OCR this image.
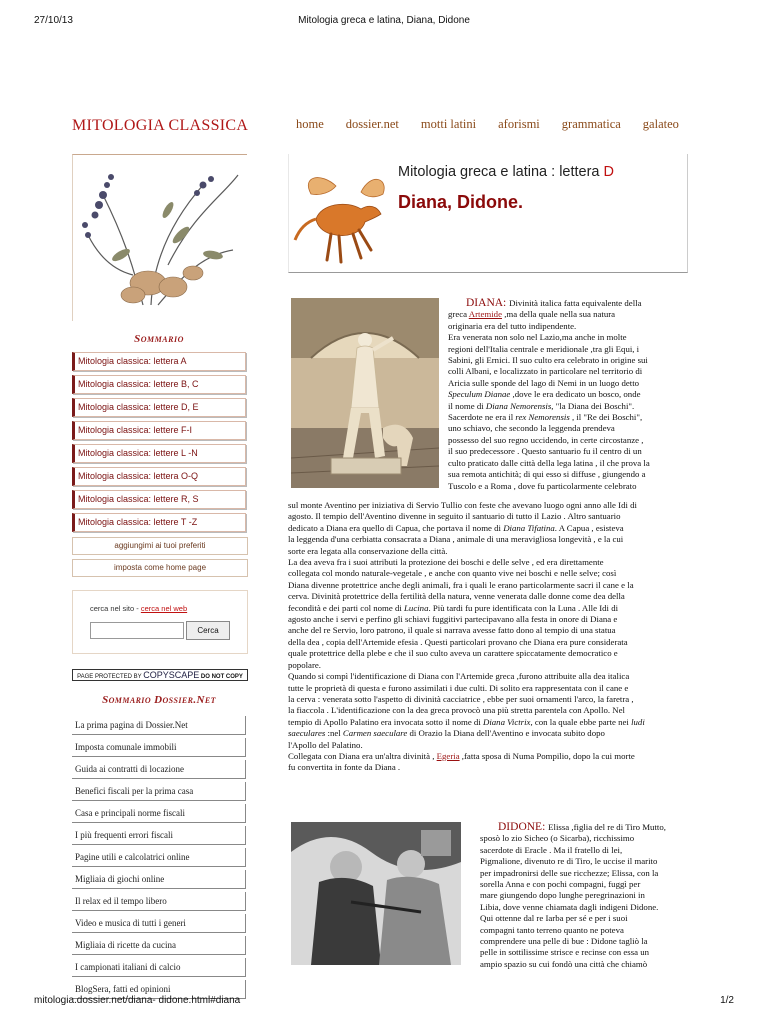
27/10/13	Mitologia greca e latina, Diana, Didone
MITOLOGIA CLASSICA	home dossier.net motti latini aforismi grammatica galateo
Sommario
Mitologia classica: lettera A
Mitologia classica: lettere B, C
Mitologia classica: lettere D, E
Mitologia classica: lettere F-I
Mitologia classica: lettere L -N
Mitologia classica: lettera O-Q
Mitologia classica: lettere R, S
Mitologia classica: lettere T -Z
aggiungimi ai tuoi preferiti
imposta come home page
cerca nel sito - cerca nel web
Cerca
PAGE PROTECTED BY COPYSCAPE DO NOT COPY
Sommario Dossier.Net
La prima pagina di Dossier.Net
Imposta comunale immobili
Guida ai contratti di locazione
Benefici fiscali per la prima casa
Casa e principali norme fiscali
I più frequenti errori fiscali
Pagine utili e calcolatrici online
Migliaia di giochi online
Il relax ed il tempo libero
Video e musica di tutti i generi
Migliaia di ricette da cucina
I campionati italiani di calcio
BlogSera, fatti ed opinioni
Mitologia greca e latina : lettera D
Diana, Didone.
DIANA: Divinità italica fatta equivalente della
greca Artemide ,ma della quale nella sua natura
originaria era del tutto indipendente.
Era venerata non solo nel Lazio,ma anche in molte
regioni dell'Italia centrale e meridionale ,tra gli Equi, i
Sabini, gli Ernici. Il suo culto era celebrato in origine sui
colli Albani, e localizzato in particolare nel territorio di
Aricia sulle sponde del lago di Nemi in un luogo detto
Speculum Dianae ,dove le era dedicato un bosco, onde
il nome di Diana Nemorensis, "la Diana dei Boschi".
Sacerdote ne era il rex Nemorensis , il "Re dei Boschi",
uno schiavo, che secondo la leggenda prendeva
possesso del suo regno uccidendo, in certe circostanze ,
il suo predecessore . Questo santuario fu il centro di un
culto praticato dalle città della lega latina , il che prova la
sua remota antichità; di qui esso si diffuse , giungendo a
Tuscolo e a Roma , dove fu particolarmente celebrato
sul monte Aventino per iniziativa di Servio Tullio con feste che avevano luogo ogni anno alle Idi di
agosto. Il tempio dell'Aventino divenne in seguito il santuario di tutto il Lazio . Altro santuario
dedicato a Diana era quello di Capua, che portava il nome di Diana Tifatina. A Capua , esisteva
la leggenda d'una cerbiatta consacrata a Diana , animale di una meravigliosa longevità , e la cui
sorte era legata alla conservazione della città.
La dea aveva fra i suoi attributi la protezione dei boschi e delle selve , ed era direttamente
collegata col mondo naturale-vegetale , e anche con quanto vive nei boschi e nelle selve; così
Diana divenne protettrice anche degli animali, fra i quali le erano particolarmente sacri il cane e la
cerva. Divinità protettrice della fertilità della natura, venne venerata dalle donne come dea della
fecondità e dei parti col nome di Lucina. Più tardi fu pure identificata con la Luna . Alle Idi di
agosto anche i servi e perfino gli schiavi fuggitivi partecipavano alla festa in onore di Diana e
anche del re Servio, loro patrono, il quale si narrava avesse fatto dono al tempio di una statua
della dea , copia dell'Artemide efesia . Questi particolari provano che Diana era pure considerata
quale protettrice della plebe e che il suo culto aveva un carattere spiccatamente democratico e
popolare.
Quando si compì l'identificazione di Diana con l'Artemide greca ,furono attribuite alla dea italica
tutte le proprietà di questa e furono assimilati i due culti. Di solito era rappresentata con il cane e
la cerva : venerata sotto l'aspetto di divinità cacciatrice , ebbe per suoi ornamenti l'arco, la faretra ,
la fiaccola . L'identificazione con la dea greca provocò una più stretta parentela con Apollo. Nel
tempio di Apollo Palatino era invocata sotto il nome di Diana Victrix, con la quale ebbe parte nei ludi
saeculares :nel Carmen saeculare di Orazio la Diana dell'Aventino e invocata subito dopo
l'Apollo del Palatino.
Collegata con Diana era un'altra divinità , Egeria ,fatta sposa di Numa Pompilio, dopo la cui morte
fu convertita in fonte da Diana .
DIDONE: Elissa ,figlia del re di Tiro Mutto,
sposò lo zio Sicheo (o Sicarba), ricchissimo
sacerdote di Eracle . Ma il fratello di lei,
Pigmalione, divenuto re di Tiro, le uccise il marito
per impadronirsi delle sue ricchezze; Elissa, con la
sorella Anna e con pochi compagni, fuggì per
mare giungendo dopo lunghe peregrinazioni in
Libia, dove venne chiamata dagli indigeni Didone.
Qui ottenne dal re Iarba per sé e per i suoi
compagni tanto terreno quanto ne poteva
comprendere una pelle di bue : Didone tagliò la
pelle in sottilissime strisce e recinse con essa un
ampio spazio su cui fondò una città che chiamò
mitologia.dossier.net/diana- didone.html#diana	1/2
